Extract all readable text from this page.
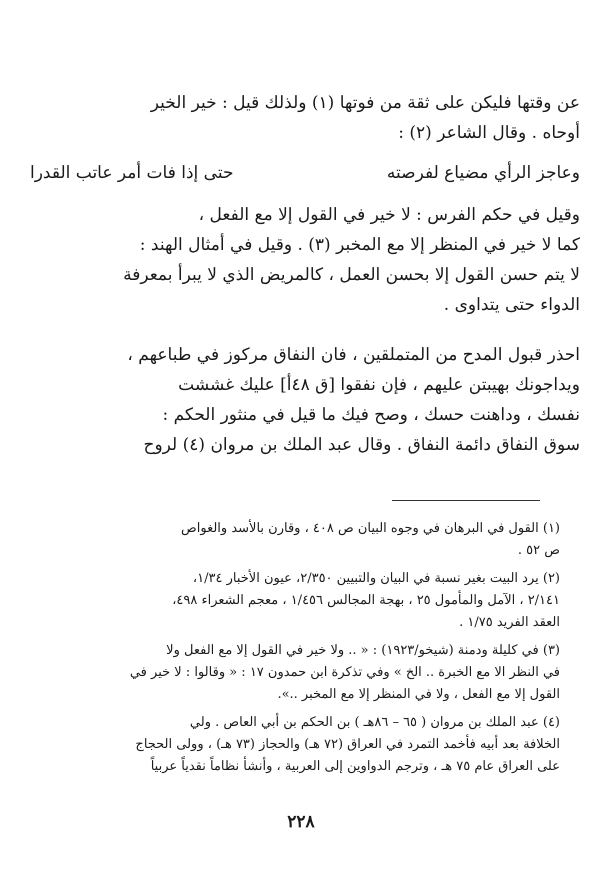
عن وقتها فليكن على ثقة من فوتها (١) ولذلك قيل : خير الخير
أوحاه . وقال الشاعر (٢) :
وعاجز الرأي مضياع لفرصته
حتى إذا فات أمر عاتب القدرا
وقيل في حكم الفرس : لا خير في القول إلا مع الفعل ،
كما لا خير في المنظر إلا مع المخبر (٣) . وقيل في أمثال الهند :
لا يتم حسن القول إلا بحسن العمل ، كالمريض الذي لا يبرأ بمعرفة
الدواء حتى يتداوى .
احذر قبول المدح من المتملقين ، فان النفاق مركوز في طباعهم ،
ويداجونك بهيبتن عليهم ، فإن نفقوا [ق ٤٨أ] عليك غششت
نفسك ، وداهنت حسك ، وصح فيك ما قيل في منثور الحكم :
سوق النفاق دائمة النفاق . وقال عبد الملك بن مروان (٤) لروح
(١) القول في البرهان في وجوه البيان ص ٤٠٨ ، وقارن بالأسد والغواص
ص ٥٢ .
(٢) يرد البيت بغير نسبة في البيان والتبيين ٢/٣٥٠، عيون الأخبار ١/٣٤،
٢/١٤١ ، الآمل والمأمول ٢٥ ، بهجة المجالس ١/٤٥٦ ، معجم الشعراء ٤٩٨،
العقد الفريد ١/٧٥ .
(٣) في كليلة ودمنة (شيخو/١٩٢٣) : « .. ولا خير في القول إلا مع الفعل ولا
في النظر الا مع الخبرة .. الخ » وفي تذكرة ابن حمدون ١٧ : « وقالوا : لا خير في
القول إلا مع الفعل ، ولا في المنظر إلا مع المخبر ..».
(٤) عبد الملك بن مروان ( ٦٥ – ٨٦هـ ) بن الحكم بن أبي العاص . ولي
الخلافة بعد أبيه فأخمد التمرد في العراق (٧٢ هـ) والحجاز (٧٣ هـ) ، وولى الحجاج
على العراق عام ٧٥ هـ ، وترجم الدواوين إلى العربية ، وأنشأ نظاماً نقدياً عربياً
٢٢٨
